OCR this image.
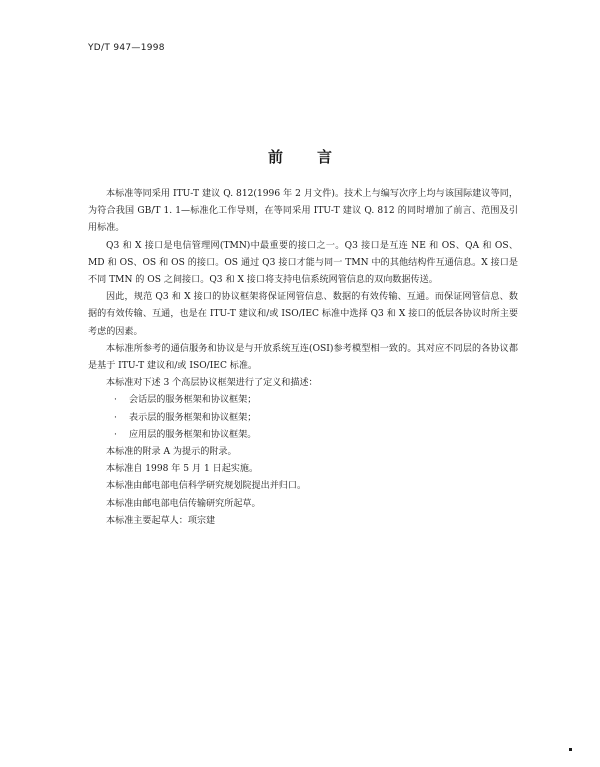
YD/T 947—1998
前 言

本标准等同采用 ITU-T 建议 Q. 812(1996 年 2 月文件)。技术上与编写次序上均与该国际建议等同，为符合我国 GB/T 1. 1—标准化工作导则，在等同采用 ITU-T 建议 Q. 812 的同时增加了前言、范围及引用标准。

Q3 和 X 接口是电信管理网(TMN)中最重要的接口之一。Q3 接口是互连 NE 和 OS、QA 和 OS、MD 和 OS、OS 和 OS 的接口。OS 通过 Q3 接口才能与同一 TMN 中的其他结构件互通信息。X 接口是不同 TMN 的 OS 之间接口。Q3 和 X 接口将支持电信系统网管信息的双向数据传送。

因此，规范 Q3 和 X 接口的协议框架将保证网管信息、数据的有效传输、互通。而保证网管信息、数据的有效传输、互通，也是在 ITU-T 建议和/或 ISO/IEC 标准中选择 Q3 和 X 接口的低层各协议时所主要考虑的因素。

本标准所参考的通信服务和协议是与开放系统互连(OSI)参考模型相一致的。其对应不同层的各协议都是基于 ITU-T 建议和/或 ISO/IEC 标准。

本标准对下述 3 个高层协议框架进行了定义和描述：

· 会话层的服务框架和协议框架；
· 表示层的服务框架和协议框架；
· 应用层的服务框架和协议框架。

本标准的附录 A 为提示的附录。

本标准自 1998 年 5 月 1 日起实施。

本标准由邮电部电信科学研究规划院提出并归口。

本标准由邮电部电信传输研究所起草。

本标准主要起草人：项宗建
